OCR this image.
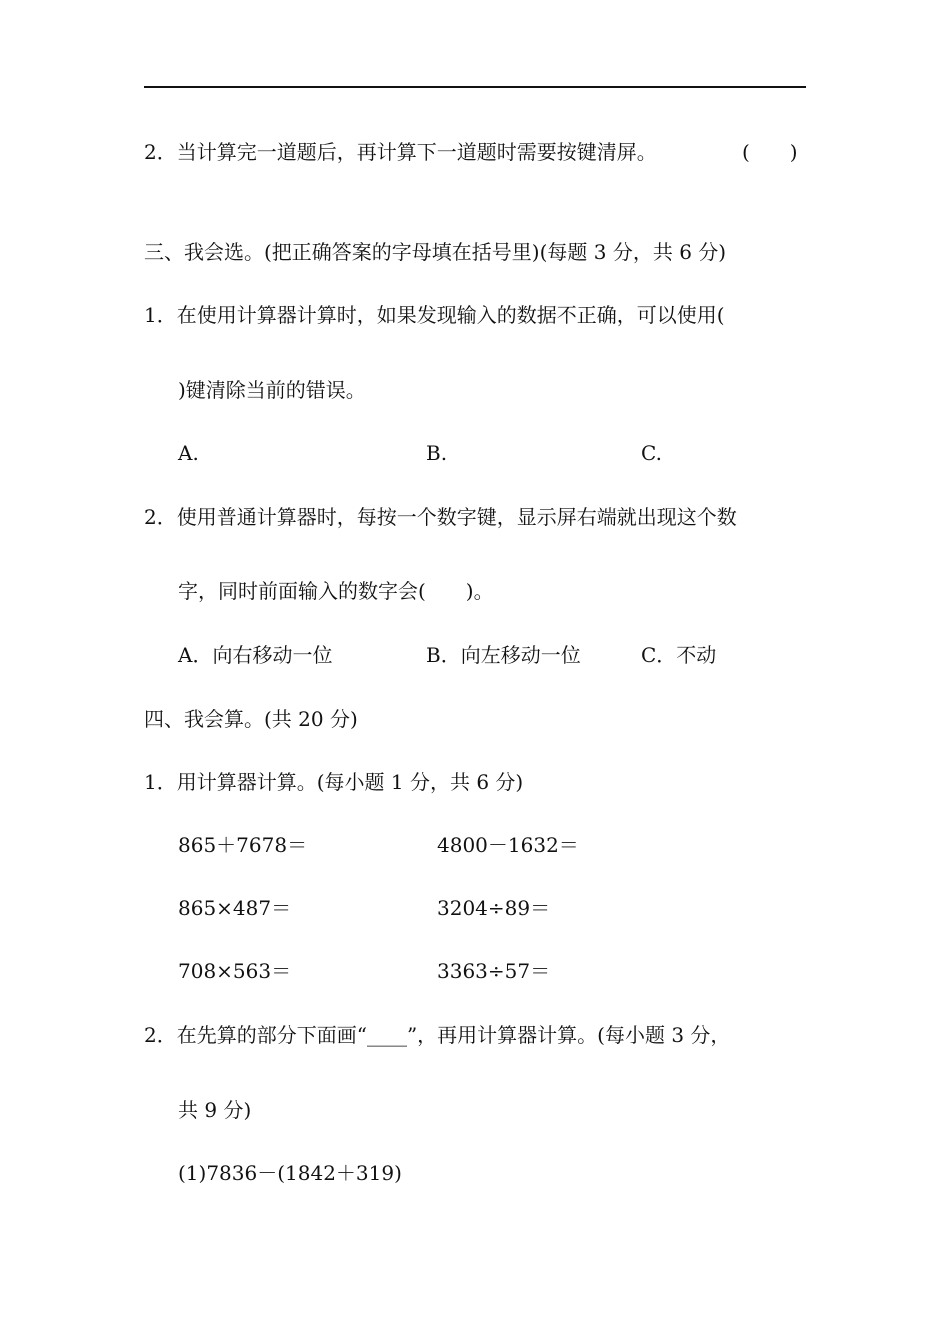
2．当计算完一道题后，再计算下一道题时需要按键清屏。	(　　)
三、我会选。(把正确答案的字母填在括号里)(每题 3 分，共 6 分)
1．在使用计算器计算时，如果发现输入的数据不正确，可以使用(
)键清除当前的错误。
A.	B.	C.
2．使用普通计算器时，每按一个数字键，显示屏右端就出现这个数
字，同时前面输入的数字会(　　)。
A．向右移动一位	B．向左移动一位	C．不动
四、我会算。(共 20 分)
1．用计算器计算。(每小题 1 分，共 6 分)
865＋7678＝	4800－1632＝
865×487＝	3204÷89＝
708×563＝	3363÷57＝
2．在先算的部分下面画“____”，再用计算器计算。(每小题 3 分，
共 9 分)
(1)7836－(1842＋319)
